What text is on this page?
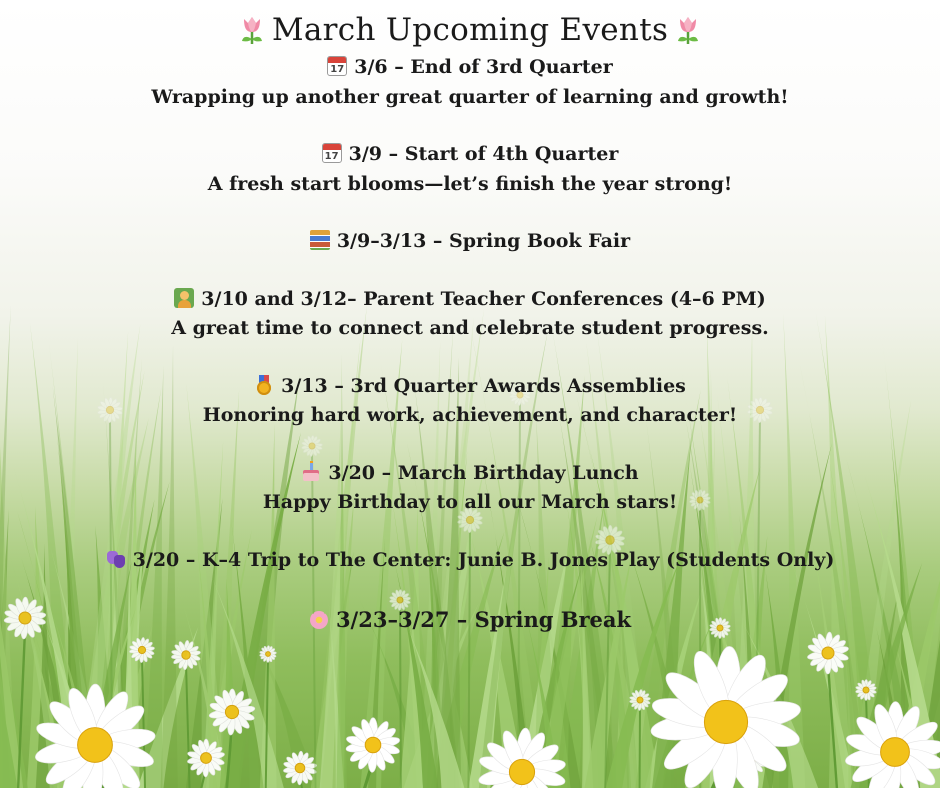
March Upcoming Events
173/6 – End of 3rd Quarter
Wrapping up another great quarter of learning and growth!
173/9 – Start of 4th Quarter
A fresh start blooms—let’s finish the year strong!
3/9–3/13 – Spring Book Fair
3/10 and 3/12– Parent Teacher Conferences (4–6 PM)
A great time to connect and celebrate student progress.
3/13 – 3rd Quarter Awards Assemblies
Honoring hard work, achievement, and character!
3/20 – March Birthday Lunch
Happy Birthday to all our March stars!
3/20 – K–4 Trip to The Center: Junie B. Jones Play (Students Only)
3/23–3/27 – Spring Break
